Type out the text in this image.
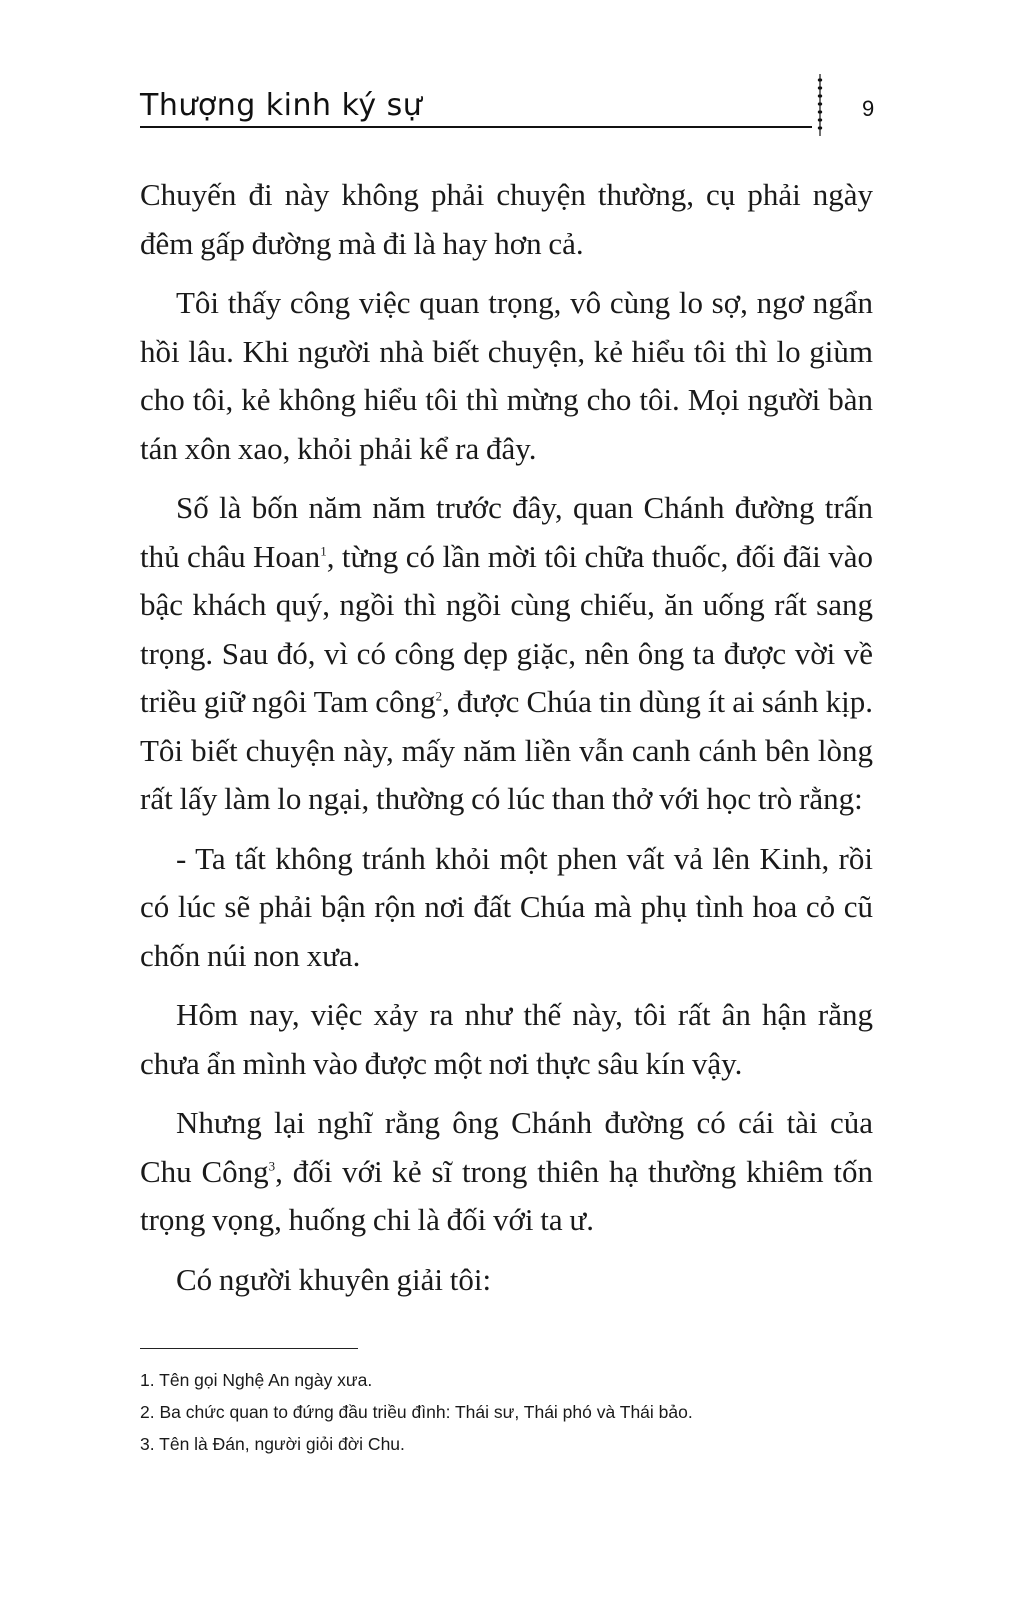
Thượng kinh ký sự	9

Chuyến đi này không phải chuyện thường, cụ phải ngày đêm gấp đường mà đi là hay hơn cả.

Tôi thấy công việc quan trọng, vô cùng lo sợ, ngơ ngẩn hồi lâu. Khi người nhà biết chuyện, kẻ hiểu tôi thì lo giùm cho tôi, kẻ không hiểu tôi thì mừng cho tôi. Mọi người bàn tán xôn xao, khỏi phải kể ra đây.

Số là bốn năm năm trước đây, quan Chánh đường trấn thủ châu Hoan$^1$, từng có lần mời tôi chữa thuốc, đối đãi vào bậc khách quý, ngồi thì ngồi cùng chiếu, ăn uống rất sang trọng. Sau đó, vì có công dẹp giặc, nên ông ta được vời về triều giữ ngôi Tam công$^2$, được Chúa tin dùng ít ai sánh kịp. Tôi biết chuyện này, mấy năm liền vẫn canh cánh bên lòng rất lấy làm lo ngại, thường có lúc than thở với học trò rằng:

- Ta tất không tránh khỏi một phen vất vả lên Kinh, rồi có lúc sẽ phải bận rộn nơi đất Chúa mà phụ tình hoa cỏ cũ chốn núi non xưa.

Hôm nay, việc xảy ra như thế này, tôi rất ân hận rằng chưa ẩn mình vào được một nơi thực sâu kín vậy.

Nhưng lại nghĩ rằng ông Chánh đường có cái tài của Chu Công$^3$, đối với kẻ sĩ trong thiên hạ thường khiêm tốn trọng vọng, huống chi là đối với ta ư.

Có người khuyên giải tôi:

1. Tên gọi Nghệ An ngày xưa.

2. Ba chức quan to đứng đầu triều đình: Thái sư, Thái phó và Thái bảo.

3. Tên là Đán, người giỏi đời Chu.
